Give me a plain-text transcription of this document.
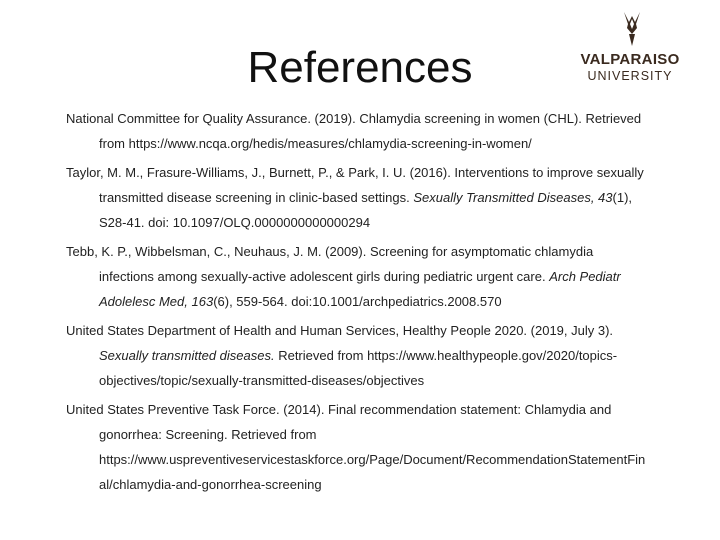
References	VALPARAISO
UNIVERSITY
National Committee for Quality Assurance. (2019). Chlamydia screening in women (CHL). Retrieved
from https://www.ncqa.org/hedis/measures/chlamydia-screening-in-women/
Taylor, M. M., Frasure-Williams, J., Burnett, P., & Park, I. U. (2016). Interventions to improve sexually
transmitted disease screening in clinic-based settings. Sexually Transmitted Diseases, 43(1),
S28-41. doi: 10.1097/OLQ.0000000000000294
Tebb, K. P., Wibbelsman, C., Neuhaus, J. M. (2009). Screening for asymptomatic chlamydia
infections among sexually-active adolescent girls during pediatric urgent care. Arch Pediatr
Adolelesc Med, 163(6), 559-564. doi:10.1001/archpediatrics.2008.570
United States Department of Health and Human Services, Healthy People 2020. (2019, July 3).
Sexually transmitted diseases. Retrieved from https://www.healthypeople.gov/2020/topics-
objectives/topic/sexually-transmitted-diseases/objectives
United States Preventive Task Force. (2014). Final recommendation statement: Chlamydia and
gonorrhea: Screening. Retrieved from
https://www.uspreventiveservicestaskforce.org/Page/Document/RecommendationStatementFin
al/chlamydia-and-gonorrhea-screening
